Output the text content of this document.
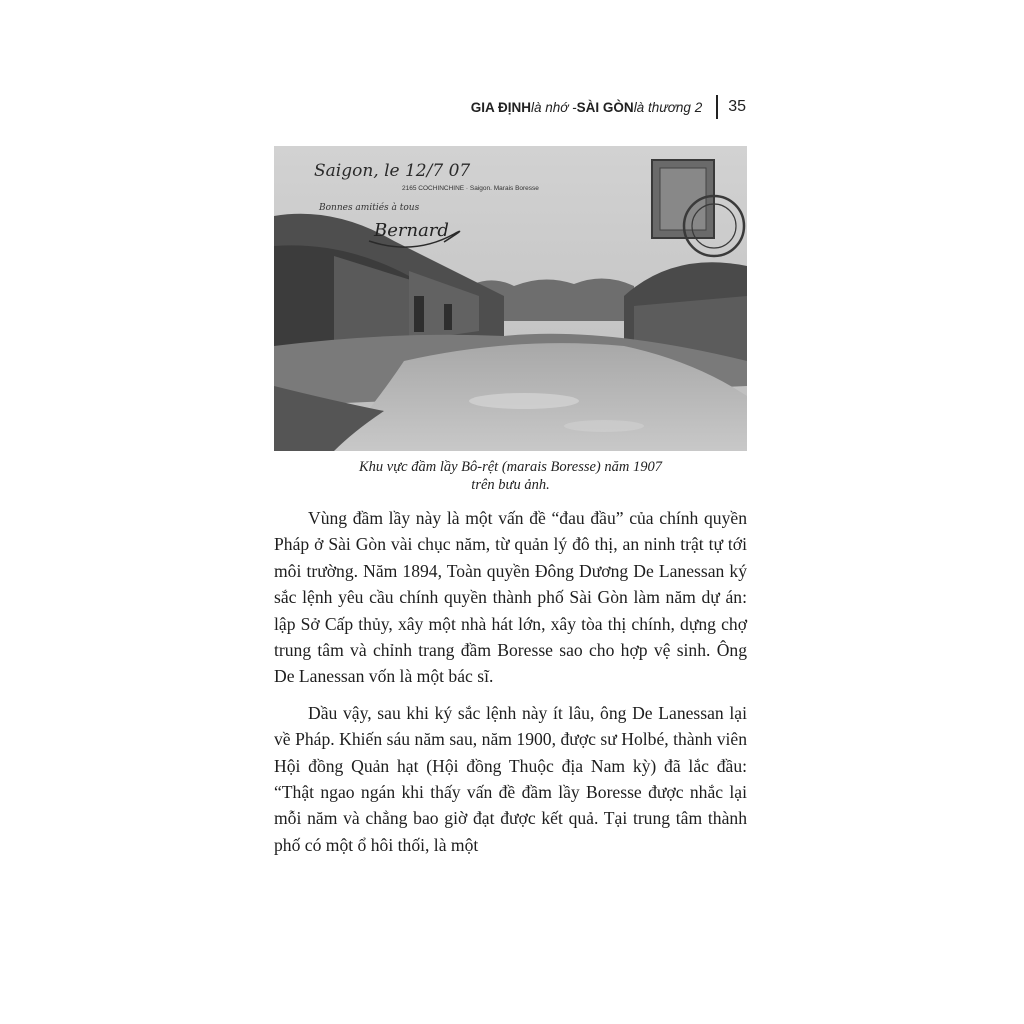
GIA ĐỊNH là nhớ - SÀI GÒN là thương 2 35
Saigon, le 12/7 07
2165 COCHINCHINE · Saigon. Marais Boresse
Bonnes amitiés à tous
Bernard
Khu vực đầm lầy Bô-rệt (marais Boresse) năm 1907
trên bưu ảnh.

Vùng đầm lầy này là một vấn đề “đau đầu” của chính quyền Pháp ở Sài Gòn vài chục năm, từ quản lý đô thị, an ninh trật tự tới môi trường. Năm 1894, Toàn quyền Đông Dương De Lanessan ký sắc lệnh yêu cầu chính quyền thành phố Sài Gòn làm năm dự án: lập Sở Cấp thủy, xây một nhà hát lớn, xây tòa thị chính, dựng chợ trung tâm và chỉnh trang đầm Boresse sao cho hợp vệ sinh. Ông De Lanessan vốn là một bác sĩ.

Dầu vậy, sau khi ký sắc lệnh này ít lâu, ông De Lanessan lại về Pháp. Khiến sáu năm sau, năm 1900, được sư Holbé, thành viên Hội đồng Quản hạt (Hội đồng Thuộc địa Nam kỳ) đã lắc đầu: “Thật ngao ngán khi thấy vấn đề đầm lầy Boresse được nhắc lại mỗi năm và chẳng bao giờ đạt được kết quả. Tại trung tâm thành phố có một ổ hôi thối, là một
